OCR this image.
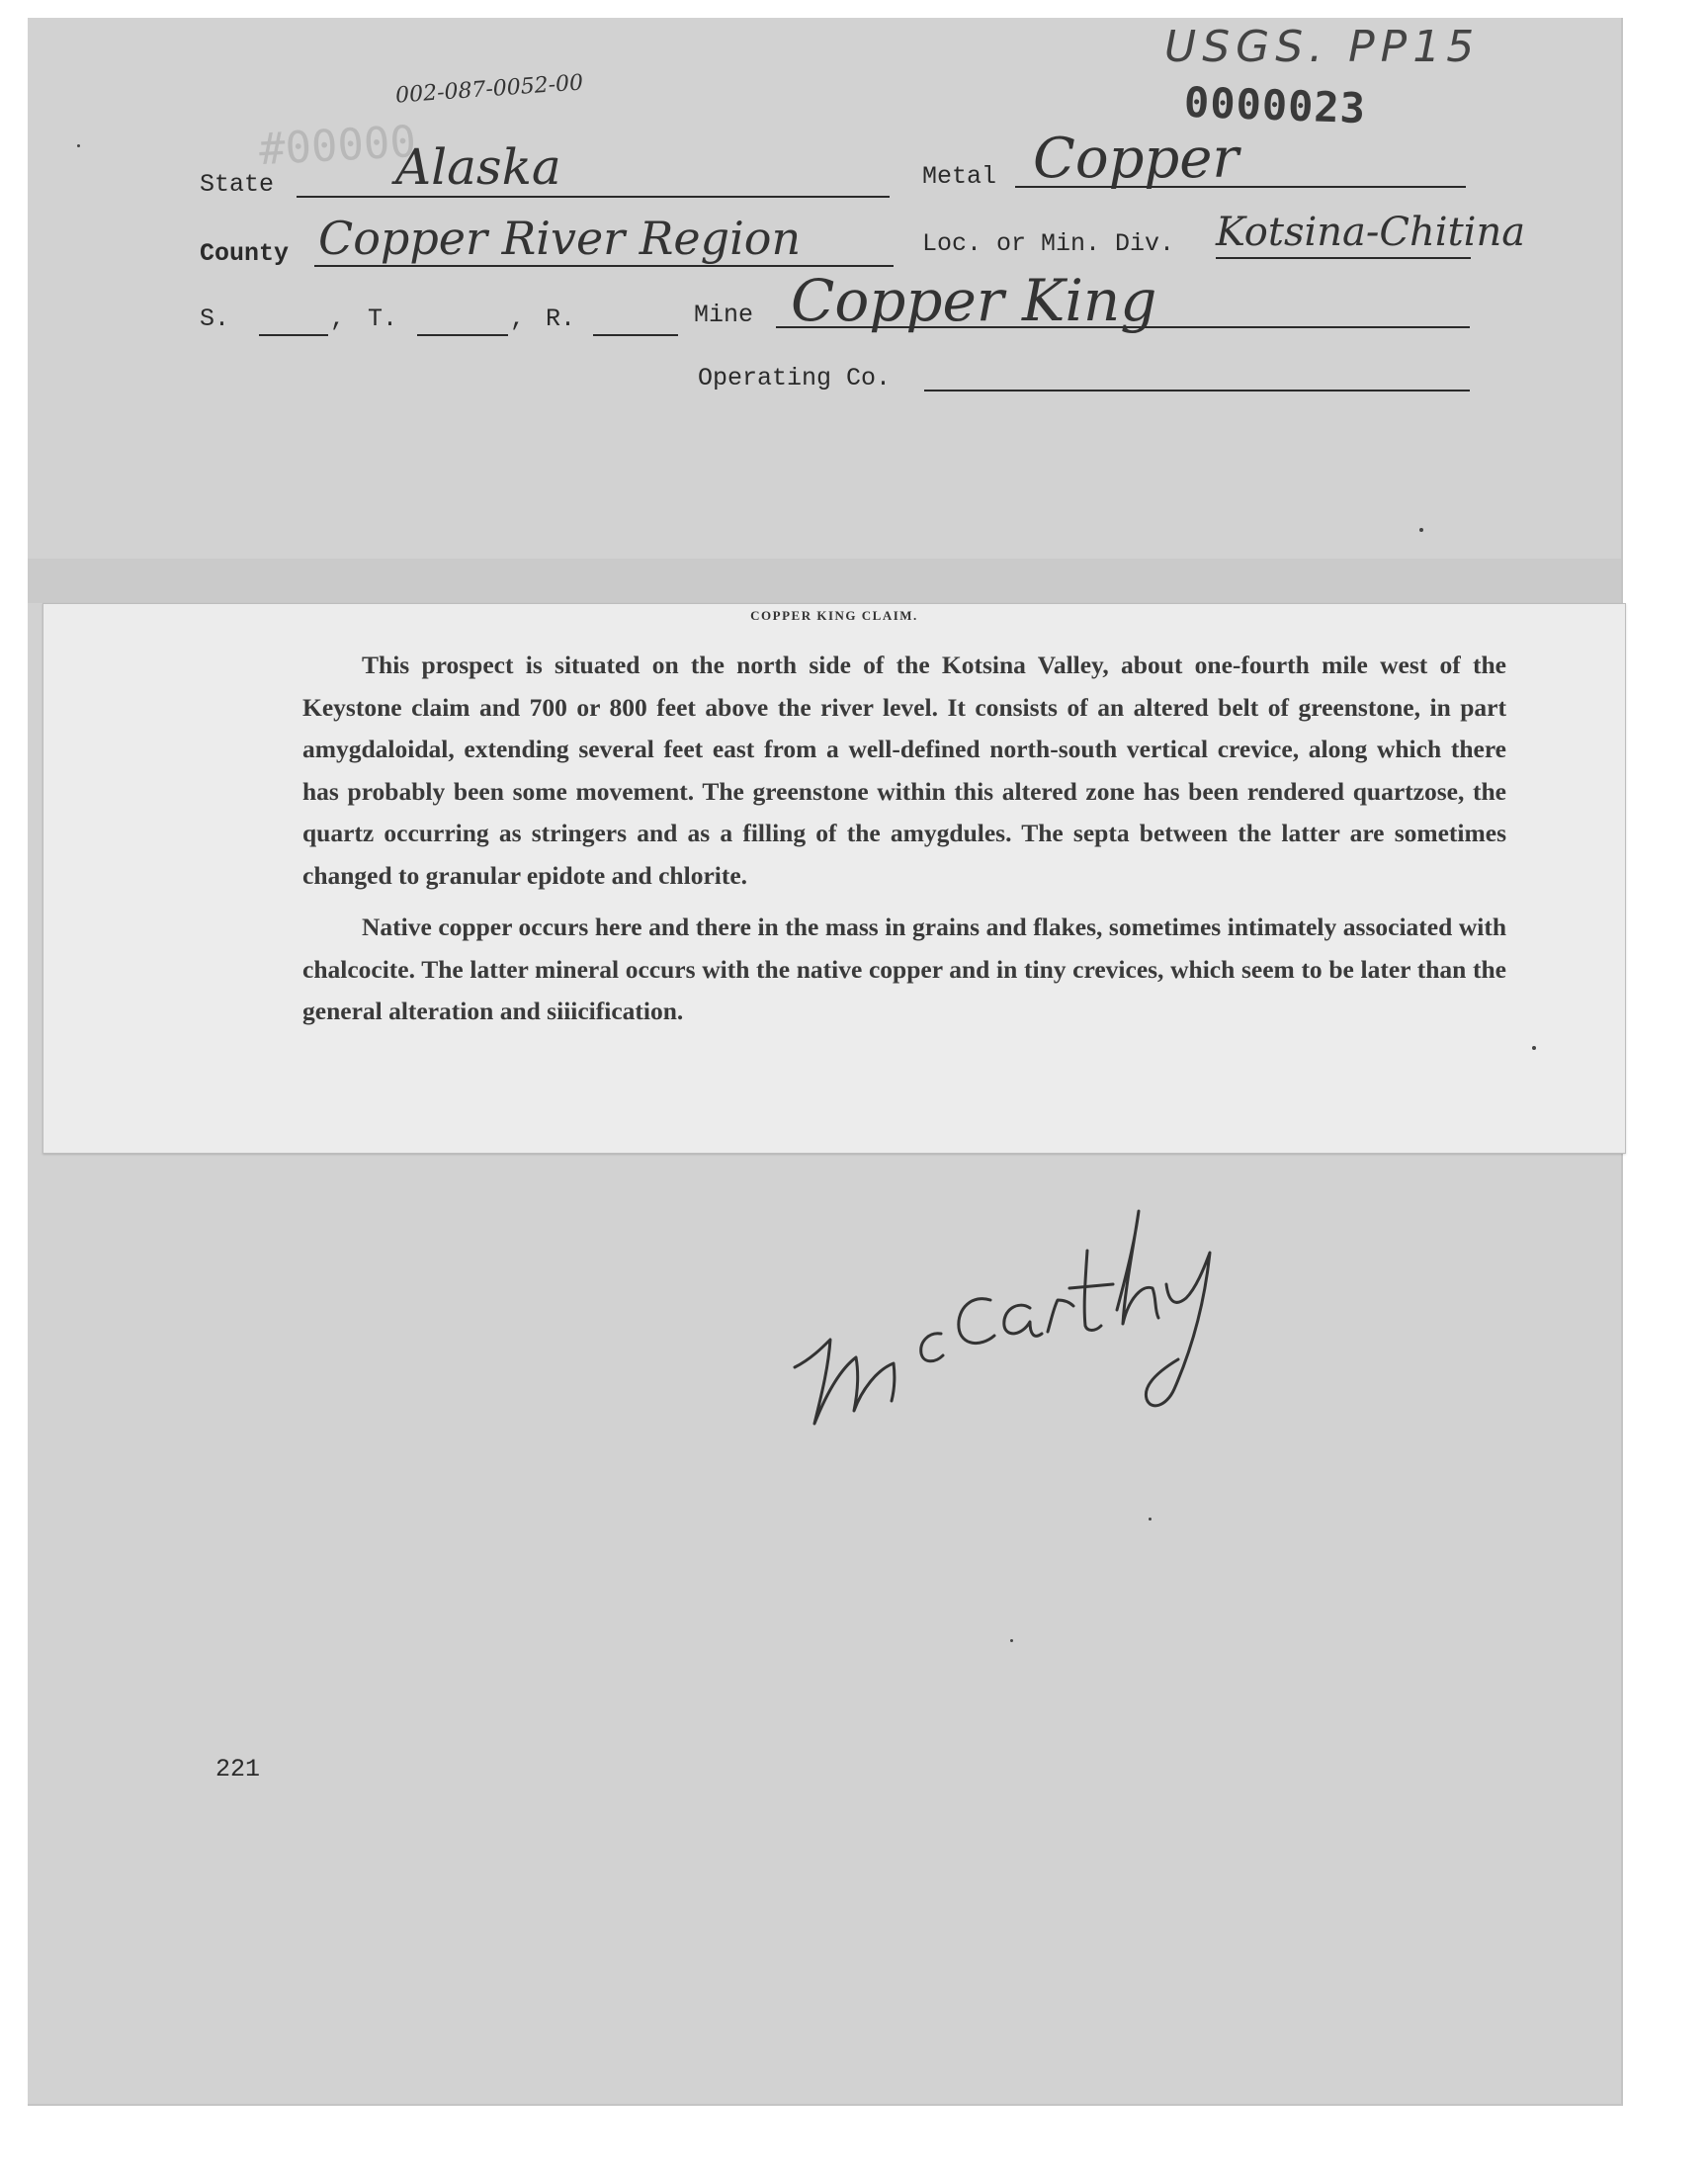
USGS. PP15
002-087-0052-00
#00000
0000023
State Alaska	Metal Copper
County Copper River Region	Loc. or Min. Div. Kotsina-Chitina
S.	, T.	, R.	Mine Copper King
Operating Co.
COPPER KING CLAIM.

This prospect is situated on the north side of the Kotsina Valley, about one-fourth mile west of the Keystone claim and 700 or 800 feet above the river level. It consists of an altered belt of greenstone, in part amygdaloidal, extending several feet east from a well-defined north-south vertical crevice, along which there has probably been some movement. The greenstone within this altered zone has been rendered quartzose, the quartz occurring as stringers and as a filling of the amygdules. The septa between the latter are sometimes changed to granular epidote and chlorite.

Native copper occurs here and there in the mass in grains and flakes, sometimes intimately associated with chalcocite. The latter mineral occurs with the native copper and in tiny crevices, which seem to be later than the general alteration and siiicification.

221
